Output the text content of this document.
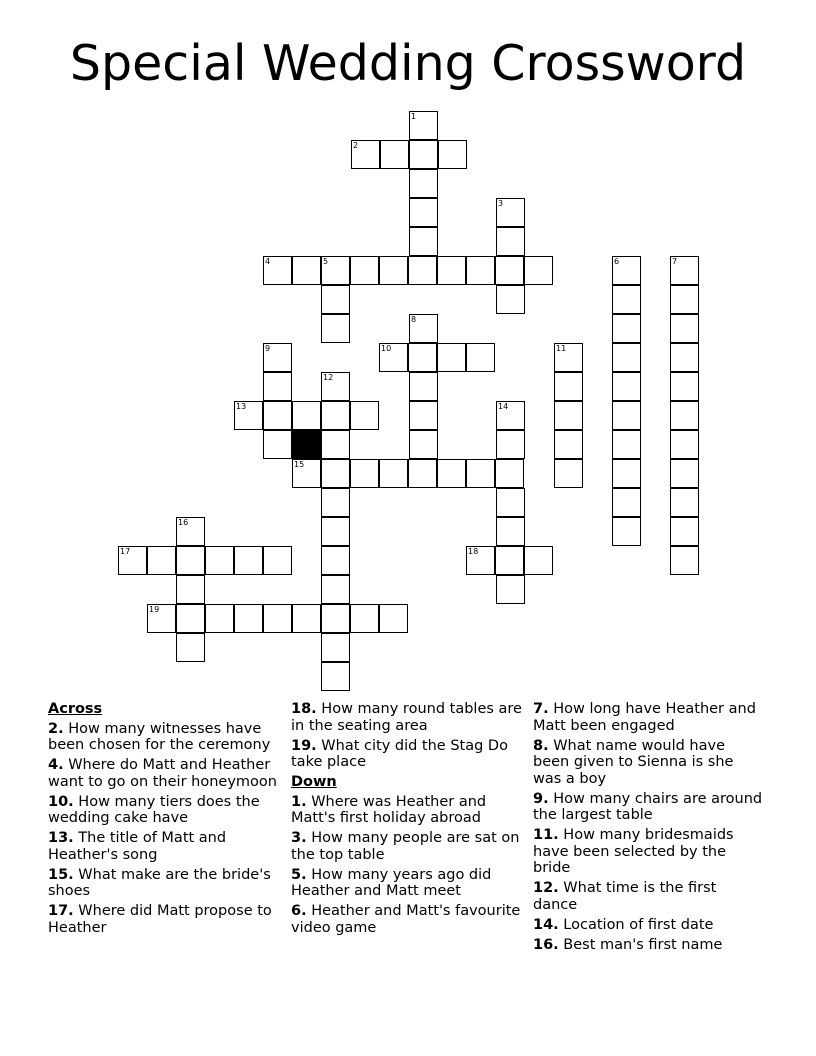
Special Wedding Crossword
1
2
3
4	5	6	7
8
9	10	11
12
13	14
15
16
17	18
19
Across
2. How many witnesses have been chosen for the ceremony
4. Where do Matt and Heather want to go on their honeymoon
10. How many tiers does the wedding cake have
13. The title of Matt and Heather's song
15. What make are the bride's shoes
17. Where did Matt propose to Heather
18. How many round tables are in the seating area
19. What city did the Stag Do take place
Down
1. Where was Heather and Matt's first holiday abroad
3. How many people are sat on the top table
5. How many years ago did Heather and Matt meet
6. Heather and Matt's favourite video game
7. How long have Heather and Matt been engaged
8. What name would have been given to Sienna is she was a boy
9. How many chairs are around the largest table
11. How many bridesmaids have been selected by the bride
12. What time is the first dance
14. Location of first date
16. Best man's first name
